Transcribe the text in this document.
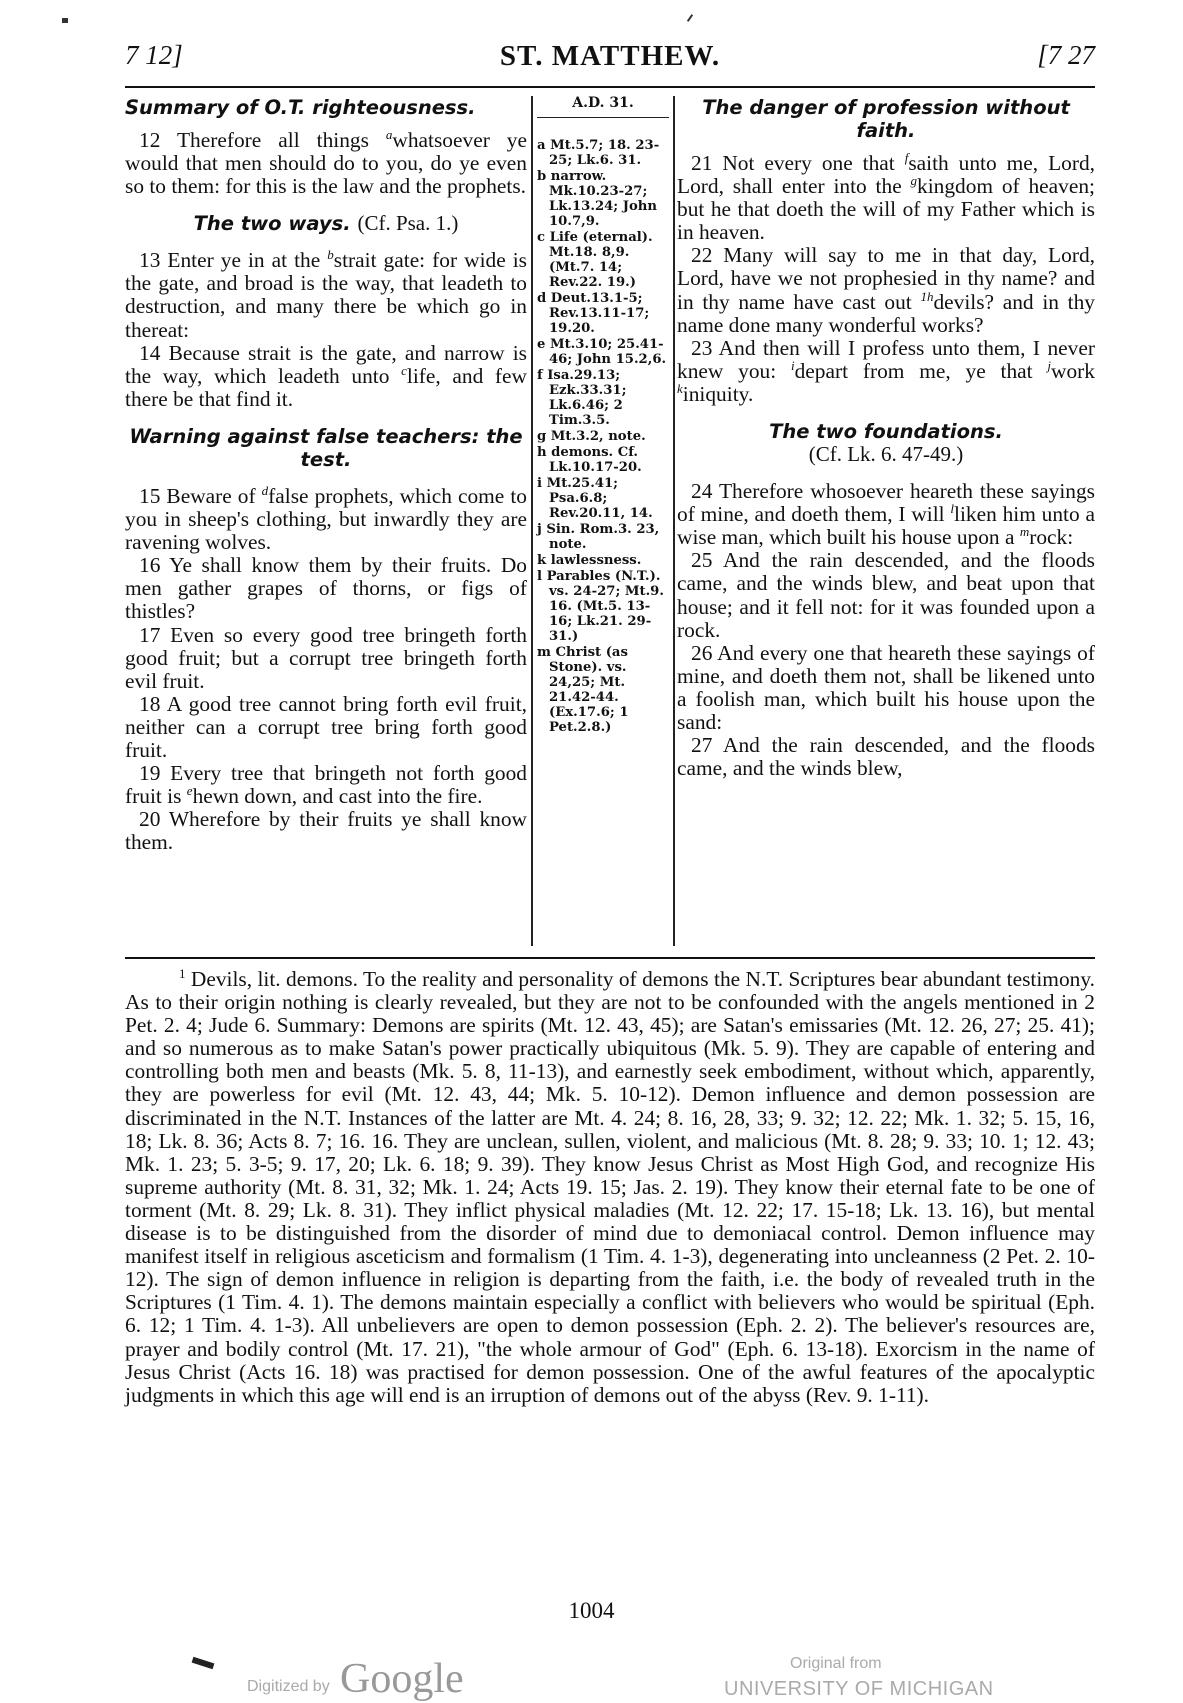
7 12]	ST. MATTHEW.	[7 27

Summary of O.T. righteousness.

12 Therefore all things $^a$whatsoever ye would that men should do to you, do ye even so to them: for this is the law and the prophets.

The two ways. (Cf. Psa. 1.)

13 Enter ye in at the $^b$strait gate: for wide is the gate, and broad is the way, that leadeth to destruction, and many there be which go in thereat:

14 Because strait is the gate, and narrow is the way, which leadeth unto $^c$life, and few there be that find it.

Warning against false teachers: the test.

15 Beware of $^d$false prophets, which come to you in sheep's clothing, but inwardly they are ravening wolves.

16 Ye shall know them by their fruits. Do men gather grapes of thorns, or figs of thistles?

17 Even so every good tree bringeth forth good fruit; but a corrupt tree bringeth forth evil fruit.

18 A good tree cannot bring forth evil fruit, neither can a corrupt tree bring forth good fruit.

19 Every tree that bringeth not forth good fruit is $^e$hewn down, and cast into the fire.

20 Wherefore by their fruits ye shall know them.

A.D. 31.

a Mt.5.7; 18. 23-25; Lk.6. 31.

b narrow. Mk.10.23-27; Lk.13.24; John 10.7,9.

c Life (eternal). Mt.18. 8,9. (Mt.7. 14; Rev.22. 19.)

d Deut.13.1-5; Rev.13.11-17; 19.20.

e Mt.3.10; 25.41-46; John 15.2,6.

f Isa.29.13; Ezk.33.31; Lk.6.46; 2 Tim.3.5.

g Mt.3.2, note.

h demons. Cf. Lk.10.17-20.

i Mt.25.41; Psa.6.8; Rev.20.11, 14.

j Sin. Rom.3. 23, note.

k lawlessness.

l Parables (N.T.). vs. 24-27; Mt.9. 16. (Mt.5. 13-16; Lk.21. 29-31.)

m Christ (as Stone). vs. 24,25; Mt. 21.42-44. (Ex.17.6; 1 Pet.2.8.)

The danger of profession without faith.

21 Not every one that $^f$saith unto me, Lord, Lord, shall enter into the $^g$kingdom of heaven; but he that doeth the will of my Father which is in heaven.

22 Many will say to me in that day, Lord, Lord, have we not prophesied in thy name? and in thy name have cast out $^{1h}$devils? and in thy name done many wonderful works?

23 And then will I profess unto them, I never knew you: $^i$depart from me, ye that $^j$work $^k$iniquity.

The two foundations.

(Cf. Lk. 6. 47-49.)

24 Therefore whosoever heareth these sayings of mine, and doeth them, I will $^l$liken him unto a wise man, which built his house upon a $^m$rock:

25 And the rain descended, and the floods came, and the winds blew, and beat upon that house; and it fell not: for it was founded upon a rock.

26 And every one that heareth these sayings of mine, and doeth them not, shall be likened unto a foolish man, which built his house upon the sand:

27 And the rain descended, and the floods came, and the winds blew,

$^1$ Devils, lit. demons. To the reality and personality of demons the N.T. Scriptures bear abundant testimony. As to their origin nothing is clearly revealed, but they are not to be confounded with the angels mentioned in 2 Pet. 2. 4; Jude 6. Summary: Demons are spirits (Mt. 12. 43, 45); are Satan's emissaries (Mt. 12. 26, 27; 25. 41); and so numerous as to make Satan's power practically ubiquitous (Mk. 5. 9). They are capable of entering and controlling both men and beasts (Mk. 5. 8, 11-13), and earnestly seek embodiment, without which, apparently, they are powerless for evil (Mt. 12. 43, 44; Mk. 5. 10-12). Demon influence and demon possession are discriminated in the N.T. Instances of the latter are Mt. 4. 24; 8. 16, 28, 33; 9. 32; 12. 22; Mk. 1. 32; 5. 15, 16, 18; Lk. 8. 36; Acts 8. 7; 16. 16. They are unclean, sullen, violent, and malicious (Mt. 8. 28; 9. 33; 10. 1; 12. 43; Mk. 1. 23; 5. 3-5; 9. 17, 20; Lk. 6. 18; 9. 39). They know Jesus Christ as Most High God, and recognize His supreme authority (Mt. 8. 31, 32; Mk. 1. 24; Acts 19. 15; Jas. 2. 19). They know their eternal fate to be one of torment (Mt. 8. 29; Lk. 8. 31). They inflict physical maladies (Mt. 12. 22; 17. 15-18; Lk. 13. 16), but mental disease is to be distinguished from the disorder of mind due to demoniacal control. Demon influence may manifest itself in religious asceticism and formalism (1 Tim. 4. 1-3), degenerating into uncleanness (2 Pet. 2. 10-12). The sign of demon influence in religion is departing from the faith, i.e. the body of revealed truth in the Scriptures (1 Tim. 4. 1). The demons maintain especially a conflict with believers who would be spiritual (Eph. 6. 12; 1 Tim. 4. 1-3). All unbelievers are open to demon possession (Eph. 2. 2). The believer's resources are, prayer and bodily control (Mt. 17. 21), "the whole armour of God" (Eph. 6. 13-18). Exorcism in the name of Jesus Christ (Acts 16. 18) was practised for demon possession. One of the awful features of the apocalyptic judgments in which this age will end is an irruption of demons out of the abyss (Rev. 9. 1-11).

1004
Digitized by Google	Original from
UNIVERSITY OF MICHIGAN
